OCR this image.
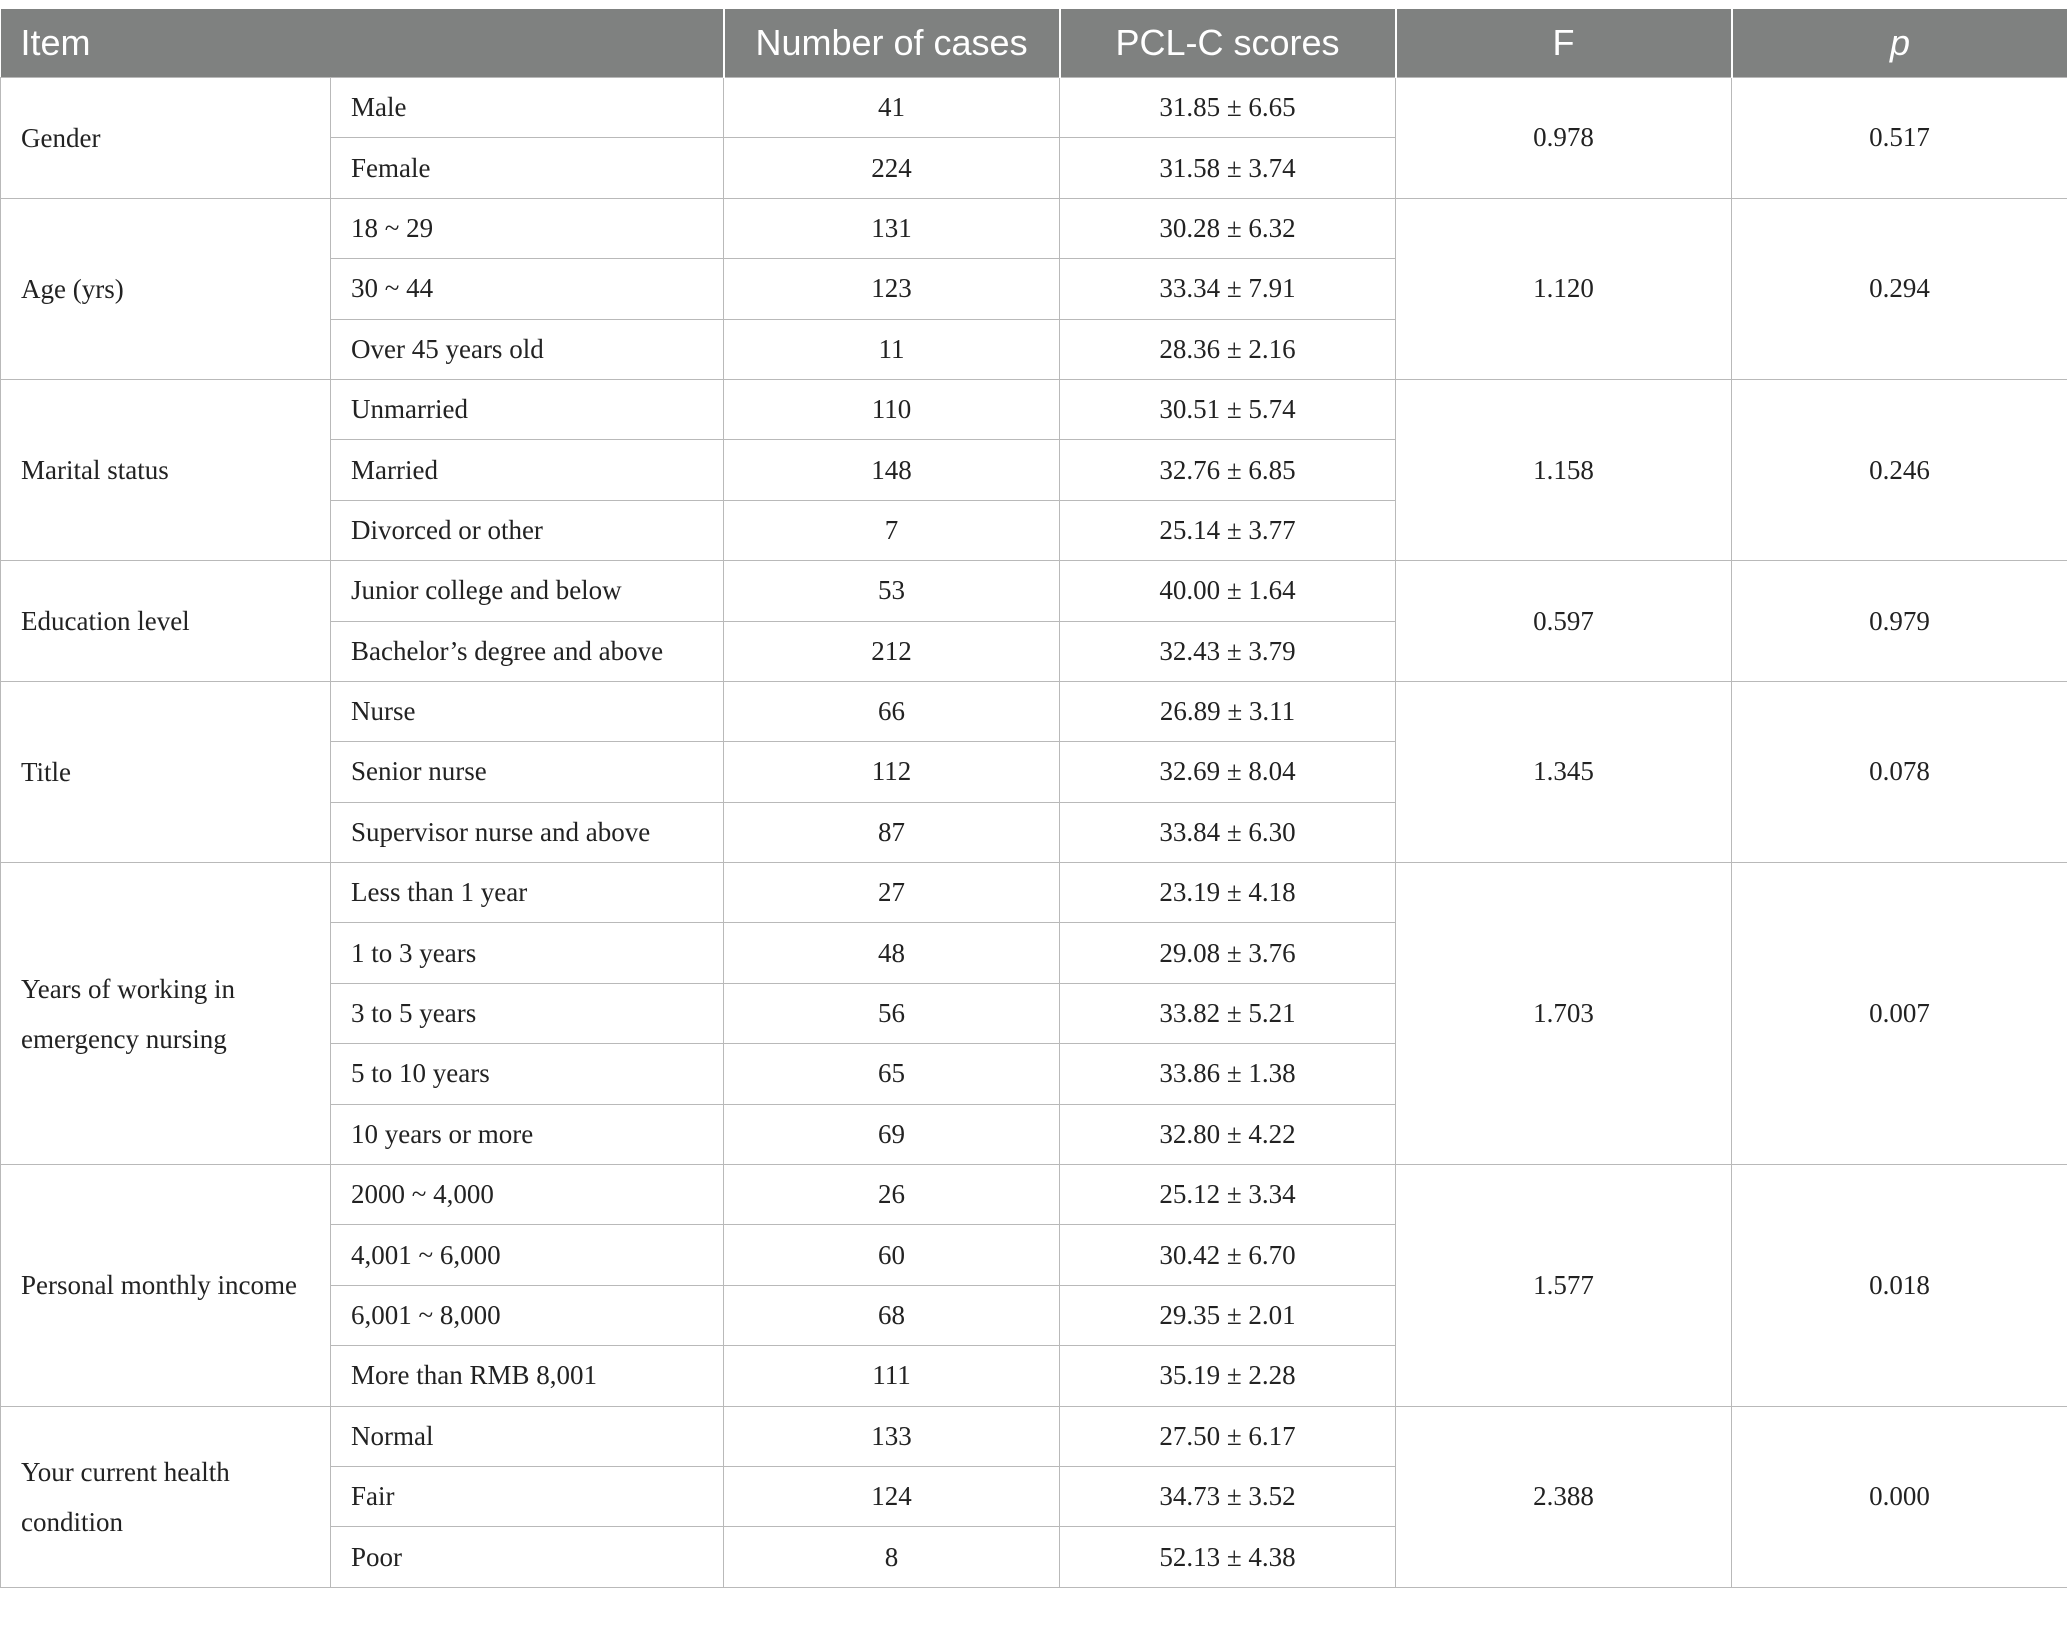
Item		Number of cases	PCL-C scores	F	p
Gender	Male	41	31.85 ± 6.65	0.978	0.517
	Female	224	31.58 ± 3.74		
Age (yrs)	18 ~ 29	131	30.28 ± 6.32	1.120	0.294
	30 ~ 44	123	33.34 ± 7.91		
	Over 45 years old	11	28.36 ± 2.16		
Marital status	Unmarried	110	30.51 ± 5.74	1.158	0.246
	Married	148	32.76 ± 6.85		
	Divorced or other	7	25.14 ± 3.77		
Education level	Junior college and below	53	40.00 ± 1.64	0.597	0.979
	Bachelor’s degree and above	212	32.43 ± 3.79		
Title	Nurse	66	26.89 ± 3.11	1.345	0.078
	Senior nurse	112	32.69 ± 8.04		
	Supervisor nurse and above	87	33.84 ± 6.30		
Years of working in emergency nursing	Less than 1 year	27	23.19 ± 4.18	1.703	0.007
	1 to 3 years	48	29.08 ± 3.76		
	3 to 5 years	56	33.82 ± 5.21		
	5 to 10 years	65	33.86 ± 1.38		
	10 years or more	69	32.80 ± 4.22		
Personal monthly income	2000 ~ 4,000	26	25.12 ± 3.34	1.577	0.018
	4,001 ~ 6,000	60	30.42 ± 6.70		
	6,001 ~ 8,000	68	29.35 ± 2.01		
	More than RMB 8,001	111	35.19 ± 2.28		
Your current health condition	Normal	133	27.50 ± 6.17	2.388	0.000
	Fair	124	34.73 ± 3.52		
	Poor	8	52.13 ± 4.38		
